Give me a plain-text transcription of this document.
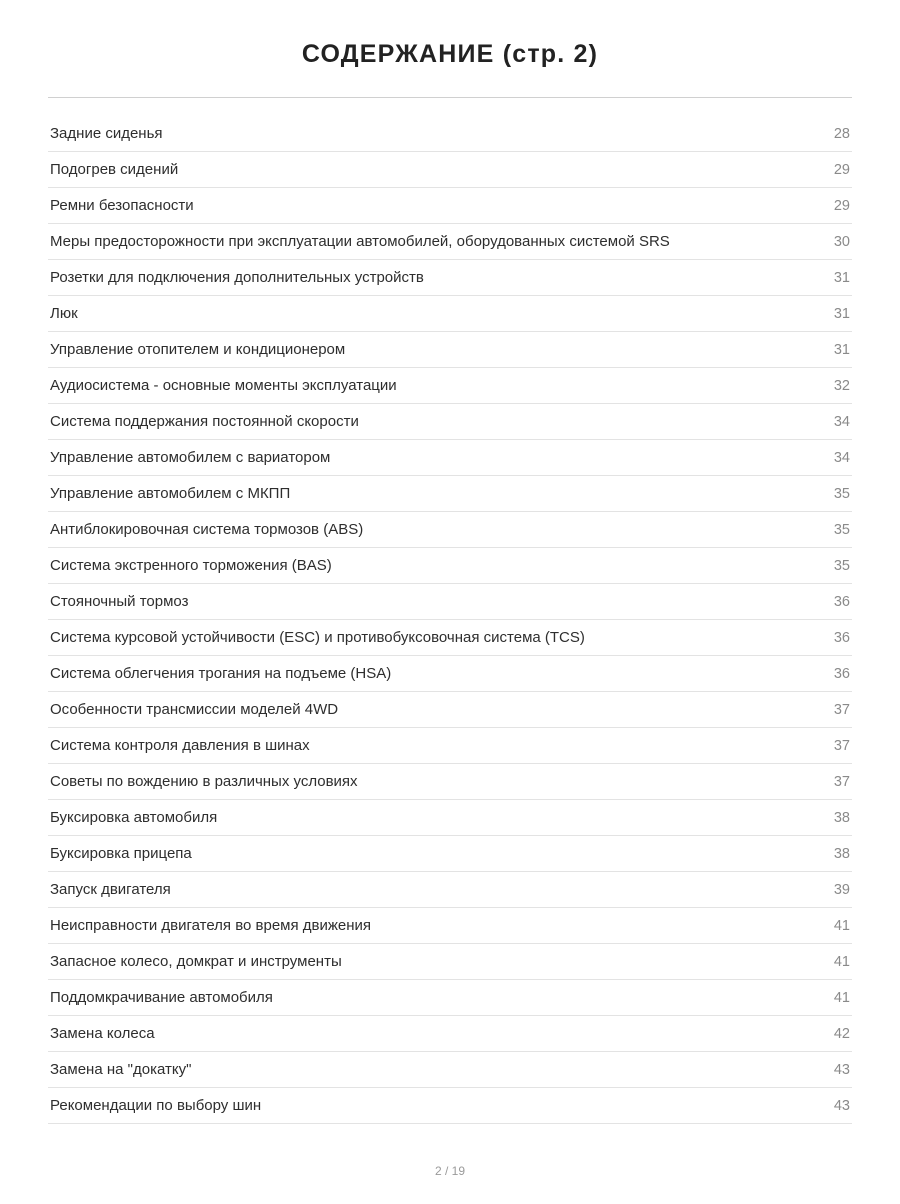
СОДЕРЖАНИЕ (стр. 2)
Задние сиденья	28
Подогрев сидений	29
Ремни безопасности	29
Меры предосторожности при эксплуатации автомобилей, оборудованных системой SRS	30
Розетки для подключения дополнительных устройств	31
Люк	31
Управление отопителем и кондиционером	31
Аудиосистема - основные моменты эксплуатации	32
Система поддержания постоянной скорости	34
Управление автомобилем с вариатором	34
Управление автомобилем с МКПП	35
Антиблокировочная система тормозов (ABS)	35
Система экстренного торможения (BAS)	35
Стояночный тормоз	36
Система курсовой устойчивости (ESC) и противобуксовочная система (TCS)	36
Система облегчения трогания на подъеме (HSA)	36
Особенности трансмиссии моделей 4WD	37
Система контроля давления в шинах	37
Советы по вождению в различных условиях	37
Буксировка автомобиля	38
Буксировка прицепа	38
Запуск двигателя	39
Неисправности двигателя во время движения	41
Запасное колесо, домкрат и инструменты	41
Поддомкрачивание автомобиля	41
Замена колеса	42
Замена на "докатку"	43
Рекомендации по выбору шин	43
2 / 19
